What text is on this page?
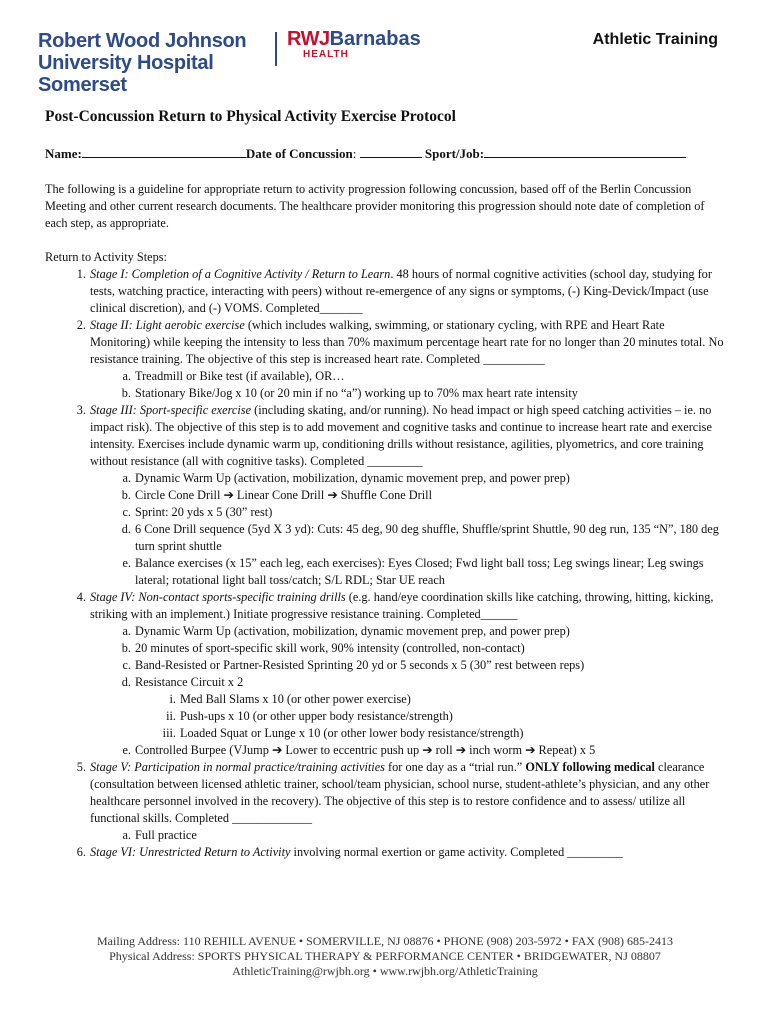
Robert Wood Johnson
University Hospital
Somerset
RWJBarnabas
HEALTH
Athletic Training
Post-Concussion Return to Physical Activity Exercise Protocol
Name:	Date of Concussion:	Sport/Job:

The following is a guideline for appropriate return to activity progression following concussion, based off of the Berlin Concussion Meeting and other current research documents. The healthcare provider monitoring this progression should note date of completion of each step, as appropriate.

Return to Activity Steps:

1. Stage I: Completion of a Cognitive Activity / Return to Learn. 48 hours of normal cognitive activities (school day, studying for tests, watching practice, interacting with peers) without re-emergence of any signs or symptoms, (-) King-Devick/Impact (use clinical discretion), and (-) VOMS. Completed_______
2. Stage II: Light aerobic exercise (which includes walking, swimming, or stationary cycling, with RPE and Heart Rate Monitoring) while keeping the intensity to less than 70% maximum percentage heart rate for no longer than 20 minutes total. No resistance training. The objective of this step is increased heart rate. Completed __________
a. Treadmill or Bike test (if available), OR…
b. Stationary Bike/Jog x 10 (or 20 min if no “a”) working up to 70% max heart rate intensity
3. Stage III: Sport-specific exercise (including skating, and/or running). No head impact or high speed catching activities – ie. no impact risk). The objective of this step is to add movement and cognitive tasks and continue to increase heart rate and exercise intensity. Exercises include dynamic warm up, conditioning drills without resistance, agilities, plyometrics, and core training without resistance (all with cognitive tasks). Completed _________
a. Dynamic Warm Up (activation, mobilization, dynamic movement prep, and power prep)
b. Circle Cone Drill ➔ Linear Cone Drill ➔ Shuffle Cone Drill
c. Sprint: 20 yds x 5 (30” rest)
d. 6 Cone Drill sequence (5yd X 3 yd): Cuts: 45 deg, 90 deg shuffle, Shuffle/sprint Shuttle, 90 deg run, 135 “N”, 180 deg turn sprint shuttle
e. Balance exercises (x 15” each leg, each exercises): Eyes Closed; Fwd light ball toss; Leg swings linear; Leg swings lateral; rotational light ball toss/catch; S/L RDL; Star UE reach
4. Stage IV: Non-contact sports-specific training drills (e.g. hand/eye coordination skills like catching, throwing, hitting, kicking, striking with an implement.) Initiate progressive resistance training. Completed______
a. Dynamic Warm Up (activation, mobilization, dynamic movement prep, and power prep)
b. 20 minutes of sport-specific skill work, 90% intensity (controlled, non-contact)
c. Band-Resisted or Partner-Resisted Sprinting 20 yd or 5 seconds x 5 (30” rest between reps)
d. Resistance Circuit x 2
i. Med Ball Slams x 10 (or other power exercise)
ii. Push-ups x 10 (or other upper body resistance/strength)
iii. Loaded Squat or Lunge x 10 (or other lower body resistance/strength)
e. Controlled Burpee (VJump ➔ Lower to eccentric push up ➔ roll ➔ inch worm ➔ Repeat) x 5
5. Stage V: Participation in normal practice/training activities for one day as a “trial run.” ONLY following medical clearance (consultation between licensed athletic trainer, school/team physician, school nurse, student-athlete’s physician, and any other healthcare personnel involved in the recovery). The objective of this step is to restore confidence and to assess/ utilize all functional skills. Completed _____________
a. Full practice
6. Stage VI: Unrestricted Return to Activity involving normal exertion or game activity. Completed _________
Mailing Address: 110 REHILL AVENUE • SOMERVILLE, NJ 08876 • PHONE (908) 203-5972 • FAX (908) 685-2413
Physical Address: SPORTS PHYSICAL THERAPY & PERFORMANCE CENTER • BRIDGEWATER, NJ 08807
AthleticTraining@rwjbh.org • www.rwjbh.org/AthleticTraining
